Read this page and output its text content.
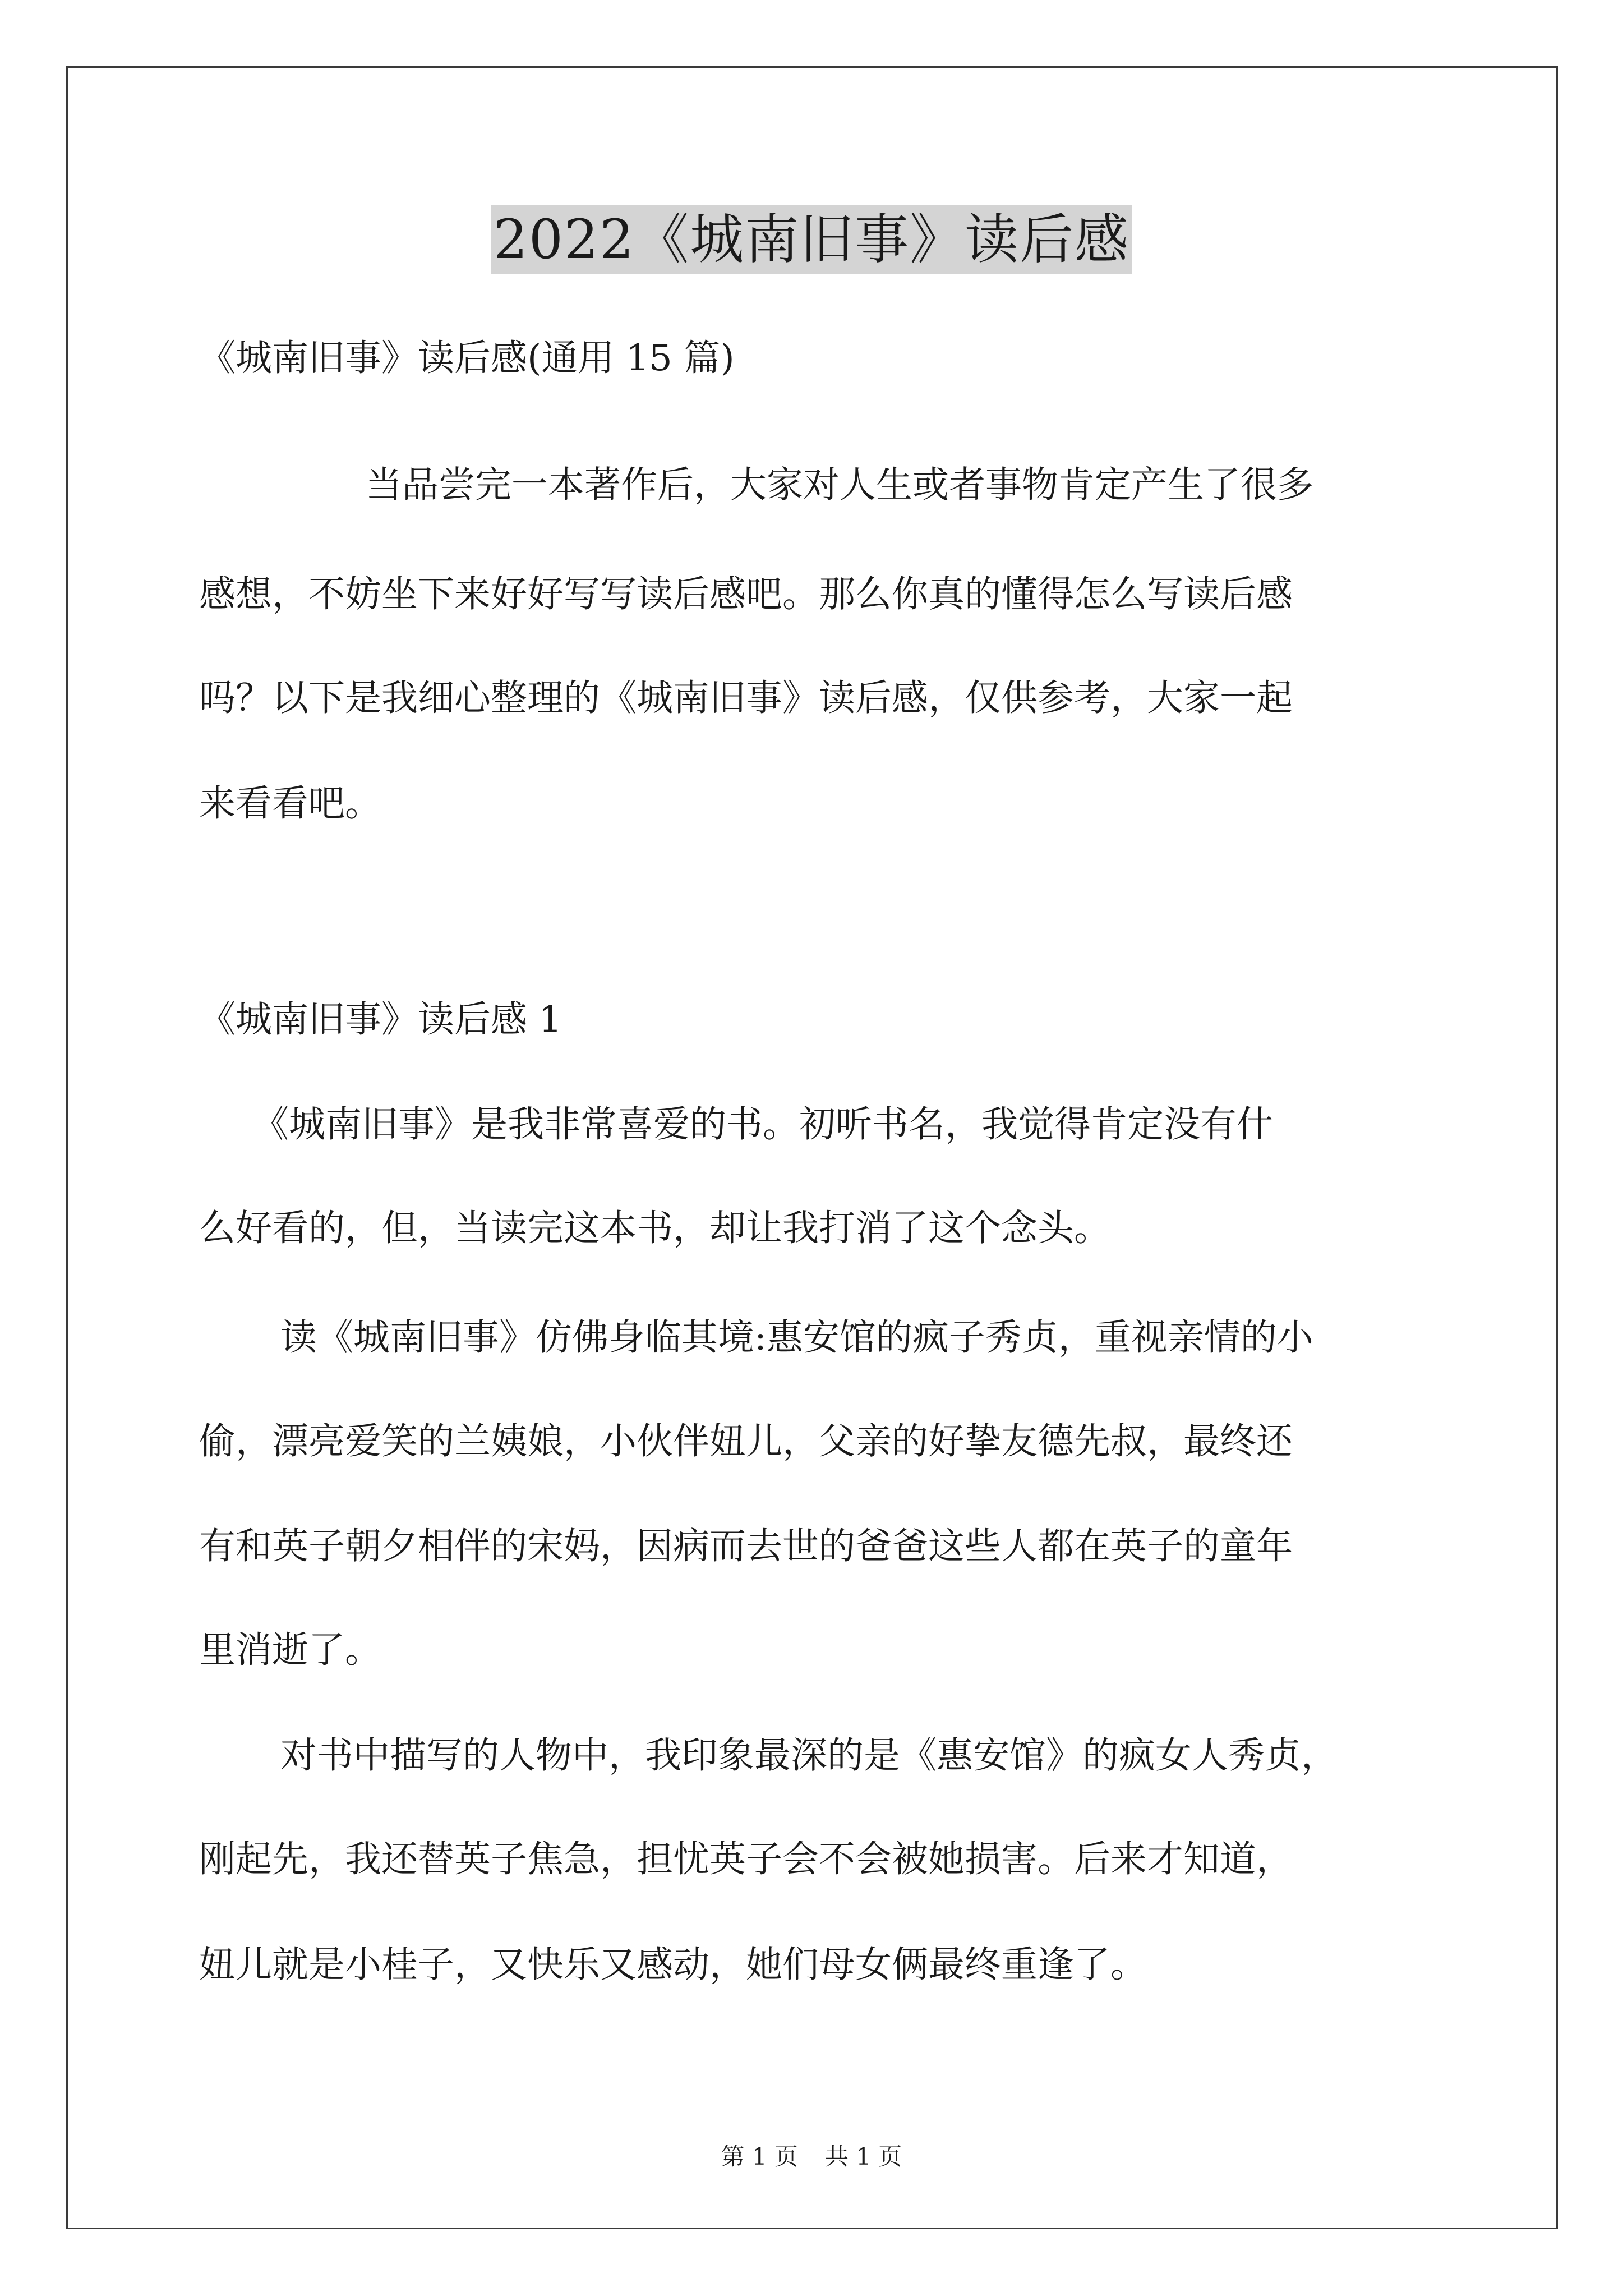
2022《城南旧事》读后感
《城南旧事》读后感(通用 15 篇)
当品尝完一本著作后，大家对人生或者事物肯定产生了很多
感想，不妨坐下来好好写写读后感吧。那么你真的懂得怎么写读后感
吗？以下是我细心整理的《城南旧事》读后感，仅供参考，大家一起
来看看吧。
《城南旧事》读后感 1
《城南旧事》是我非常喜爱的书。初听书名，我觉得肯定没有什
么好看的，但，当读完这本书，却让我打消了这个念头。
读《城南旧事》仿佛身临其境:惠安馆的疯子秀贞，重视亲情的小
偷，漂亮爱笑的兰姨娘，小伙伴妞儿，父亲的好挚友德先叔，最终还
有和英子朝夕相伴的宋妈，因病而去世的爸爸这些人都在英子的童年
里消逝了。
对书中描写的人物中，我印象最深的是《惠安馆》的疯女人秀贞，
刚起先，我还替英子焦急，担忧英子会不会被她损害。后来才知道，
妞儿就是小桂子，又快乐又感动，她们母女俩最终重逢了。
第 1 页 共 1 页
